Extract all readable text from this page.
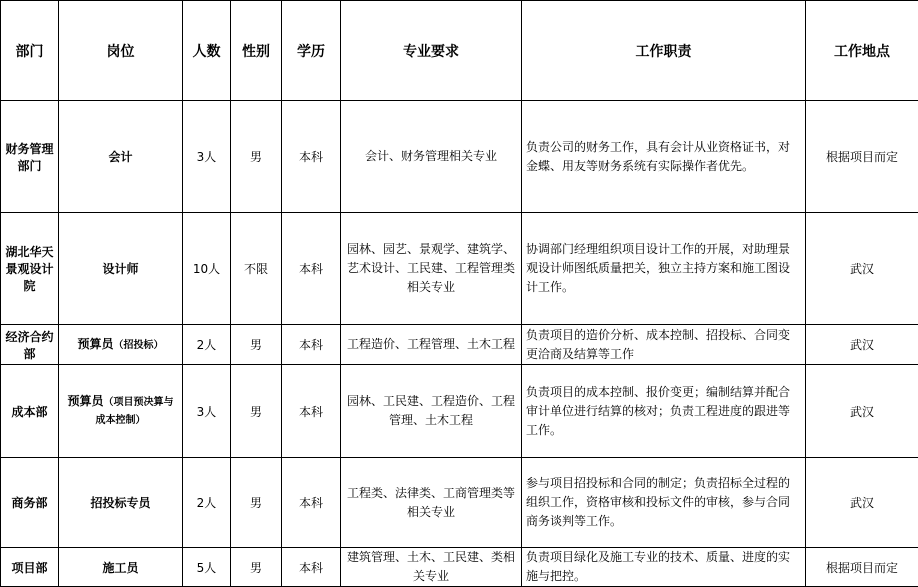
部门	岗位	人数	性别	学历	专业要求	工作职责	工作地点
财务管理部门	会计	3人	男	本科	会计、财务管理相关专业	负责公司的财务工作，具有会计从业资格证书，对金蝶、用友等财务系统有实际操作者优先。	根据项目而定
湖北华天景观设计院	设计师	10人	不限	本科	园林、园艺、景观学、建筑学、艺术设计、工民建、工程管理类相关专业	协调部门经理组织项目设计工作的开展，对助理景观设计师图纸质量把关，独立主持方案和施工图设计工作。	武汉
经济合约部	预算员（招投标）	2人	男	本科	工程造价、工程管理、土木工程	负责项目的造价分析、成本控制、招投标、合同变更洽商及结算等工作	武汉
成本部	预算员（项目预决算与成本控制）	3人	男	本科	园林、工民建、工程造价、工程管理、土木工程	负责项目的成本控制、报价变更；编制结算并配合审计单位进行结算的核对；负责工程进度的跟进等工作。	武汉
商务部	招投标专员	2人	男	本科	工程类、法律类、工商管理类等相关专业	参与项目招投标和合同的制定；负责招标全过程的组织工作，资格审核和投标文件的审核，参与合同商务谈判等工作。	武汉
项目部	施工员	5人	男	本科	建筑管理、土木、工民建、类相关专业	负责项目绿化及施工专业的技术、质量、进度的实施与把控。	根据项目而定
